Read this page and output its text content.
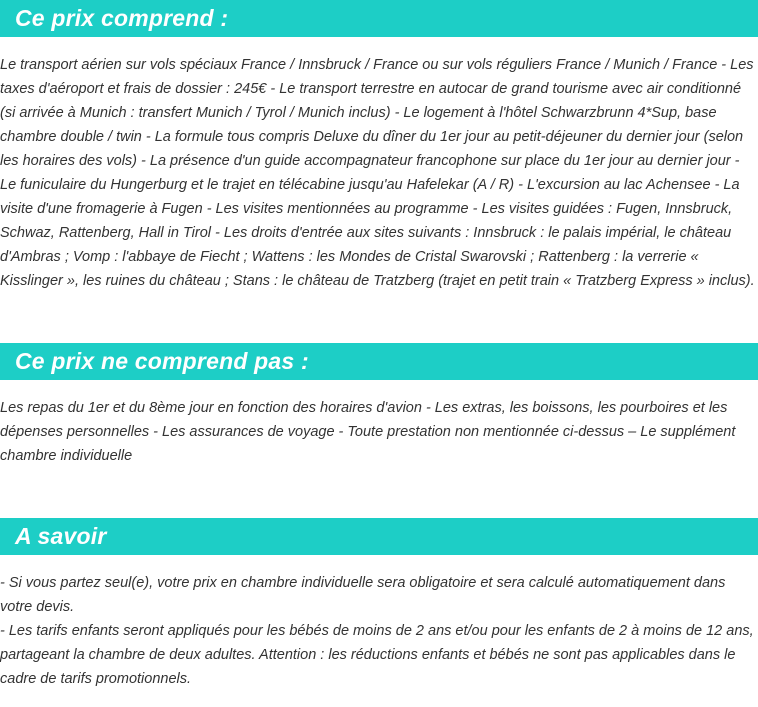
Ce prix comprend :

Le transport aérien sur vols spéciaux France / Innsbruck / France ou sur vols réguliers France / Munich / France - Les taxes d'aéroport et frais de dossier : 245€ - Le transport terrestre en autocar de grand tourisme avec air conditionné (si arrivée à Munich : transfert Munich / Tyrol / Munich inclus) - Le logement à l'hôtel Schwarzbrunn 4*Sup, base chambre double / twin - La formule tous compris Deluxe du dîner du 1er jour au petit-déjeuner du dernier jour (selon les horaires des vols) - La présence d'un guide accompagnateur francophone sur place du 1er jour au dernier jour - Le funiculaire du Hungerburg et le trajet en télécabine jusqu'au Hafelekar (A / R) - L'excursion au lac Achensee - La visite d'une fromagerie à Fugen - Les visites mentionnées au programme - Les visites guidées : Fugen, Innsbruck, Schwaz, Rattenberg, Hall in Tirol - Les droits d'entrée aux sites suivants : Innsbruck : le palais impérial, le château d'Ambras ; Vomp : l'abbaye de Fiecht ; Wattens : les Mondes de Cristal Swarovski ; Rattenberg : la verrerie « Kisslinger », les ruines du château ; Stans : le château de Tratzberg (trajet en petit train « Tratzberg Express » inclus).

Ce prix ne comprend pas :

Les repas du 1er et du 8ème jour en fonction des horaires d'avion - Les extras, les boissons, les pourboires et les dépenses personnelles - Les assurances de voyage - Toute prestation non mentionnée ci-dessus – Le supplément chambre individuelle

A savoir

- Si vous partez seul(e), votre prix en chambre individuelle sera obligatoire et sera calculé automatiquement dans votre devis.

- Les tarifs enfants seront appliqués pour les bébés de moins de 2 ans et/ou pour les enfants de 2 à moins de 12 ans, partageant la chambre de deux adultes. Attention : les réductions enfants et bébés ne sont pas applicables dans le cadre de tarifs promotionnels.
